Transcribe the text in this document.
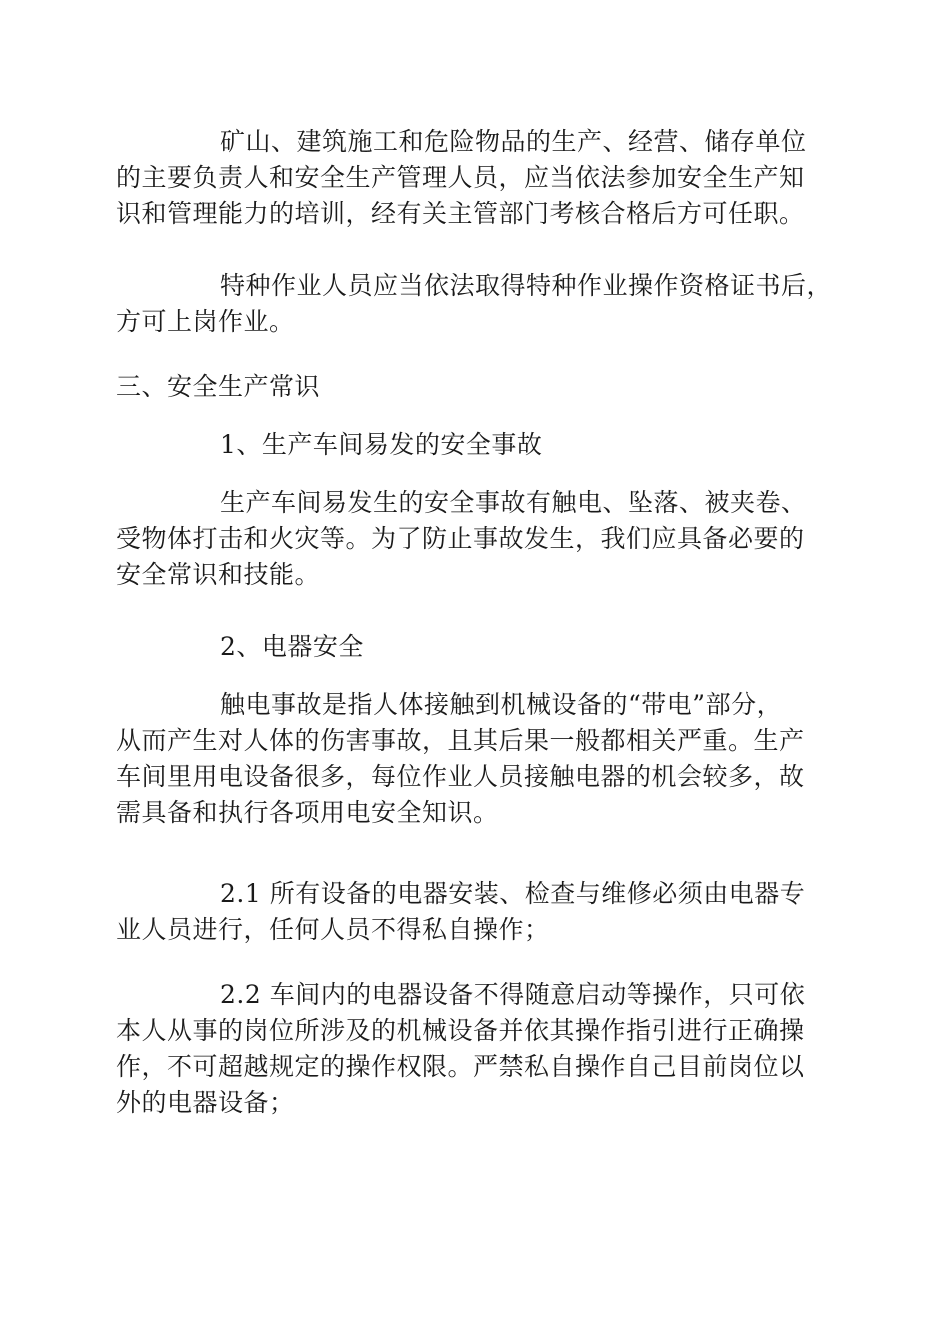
矿山、建筑施工和危险物品的生产、经营、储存单位
的主要负责人和安全生产管理人员，应当依法参加安全生产知
识和管理能力的培训，经有关主管部门考核合格后方可任职。
特种作业人员应当依法取得特种作业操作资格证书后，
方可上岗作业。
三、安全生产常识
1、生产车间易发的安全事故
生产车间易发生的安全事故有触电、坠落、被夹卷、
受物体打击和火灾等。为了防止事故发生，我们应具备必要的
安全常识和技能。
2、电器安全
触电事故是指人体接触到机械设备的“带电”部分，
从而产生对人体的伤害事故，且其后果一般都相关严重。生产
车间里用电设备很多，每位作业人员接触电器的机会较多，故
需具备和执行各项用电安全知识。
2.1 所有设备的电器安装、检查与维修必须由电器专
业人员进行，任何人员不得私自操作；
2.2 车间内的电器设备不得随意启动等操作，只可依
本人从事的岗位所涉及的机械设备并依其操作指引进行正确操
作，不可超越规定的操作权限。严禁私自操作自己目前岗位以
外的电器设备；
